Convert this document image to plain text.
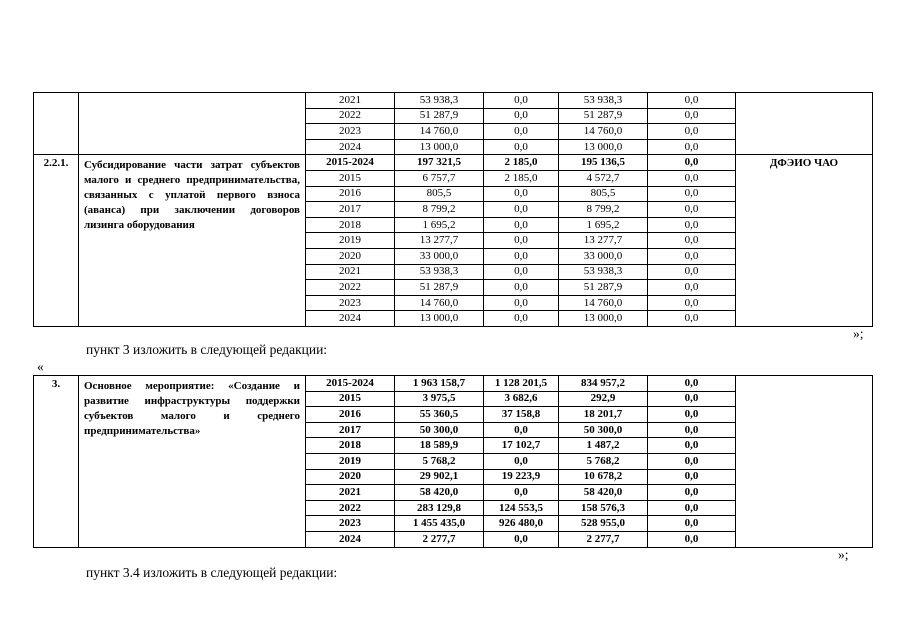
		2021	53 938,3	0,0	53 938,3	0,0	
		2022	51 287,9	0,0	51 287,9	0,0	
		2023	14 760,0	0,0	14 760,0	0,0	
		2024	13 000,0	0,0	13 000,0	0,0	
2.2.1.	Субсидирование части затрат субъектов малого и среднего предпринимательства, связанных с уплатой первого взноса (аванса) при заключении договоров лизинга оборудования	2015-2024	197 321,5	2 185,0	195 136,5	0,0	ДФЭИО ЧАО
		2015	6 757,7	2 185,0	4 572,7	0,0	
		2016	805,5	0,0	805,5	0,0	
		2017	8 799,2	0,0	8 799,2	0,0	
		2018	1 695,2	0,0	1 695,2	0,0	
		2019	13 277,7	0,0	13 277,7	0,0	
		2020	33 000,0	0,0	33 000,0	0,0	
		2021	53 938,3	0,0	53 938,3	0,0	
		2022	51 287,9	0,0	51 287,9	0,0	
		2023	14 760,0	0,0	14 760,0	0,0	
		2024	13 000,0	0,0	13 000,0	0,0	
»;
пункт 3 изложить в следующей редакции:
«
3.	Основное мероприятие: «Создание и развитие инфраструктуры поддержки субъектов малого и среднего предпринимательства»	2015-2024	1 963 158,7	1 128 201,5	834 957,2	0,0	
		2015	3 975,5	3 682,6	292,9	0,0	
		2016	55 360,5	37 158,8	18 201,7	0,0	
		2017	50 300,0	0,0	50 300,0	0,0	
		2018	18 589,9	17 102,7	1 487,2	0,0	
		2019	5 768,2	0,0	5 768,2	0,0	
		2020	29 902,1	19 223,9	10 678,2	0,0	
		2021	58 420,0	0,0	58 420,0	0,0	
		2022	283 129,8	124 553,5	158 576,3	0,0	
		2023	1 455 435,0	926 480,0	528 955,0	0,0	
		2024	2 277,7	0,0	2 277,7	0,0	
»;
пункт 3.4 изложить в следующей редакции:
